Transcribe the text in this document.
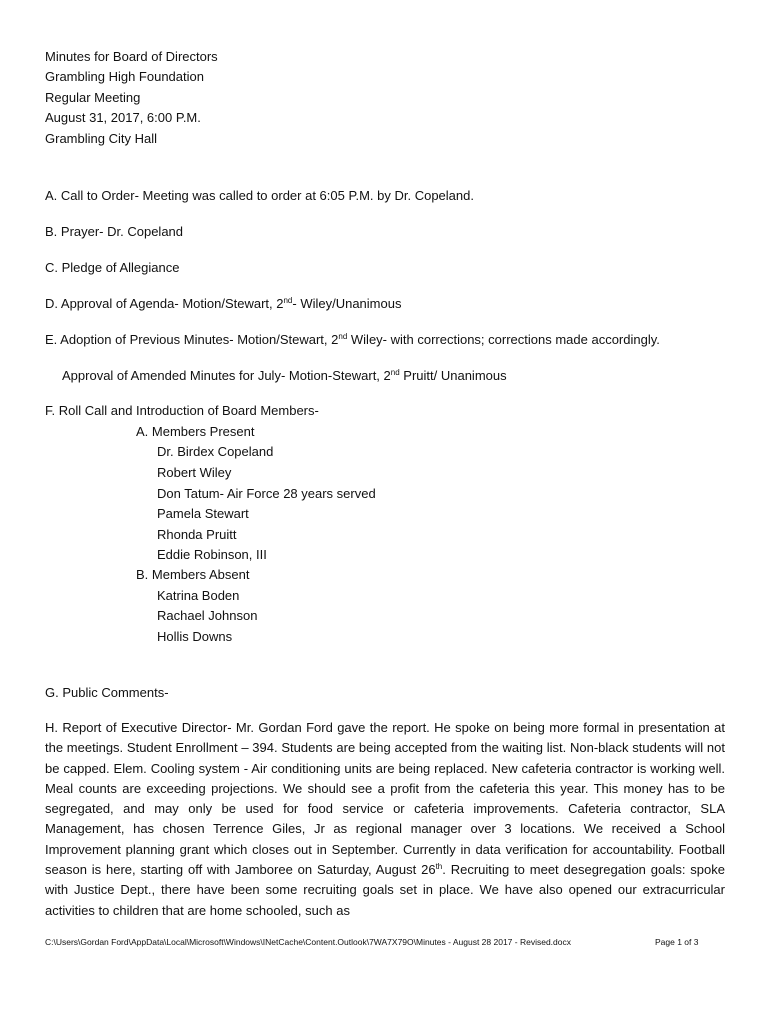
Minutes for Board of Directors
Grambling High Foundation
Regular Meeting
August 31, 2017, 6:00 P.M.
Grambling City Hall
A. Call to Order- Meeting was called to order at 6:05 P.M. by Dr. Copeland.
B. Prayer- Dr. Copeland
C. Pledge of Allegiance
D. Approval of Agenda- Motion/Stewart, 2nd- Wiley/Unanimous
E. Adoption of Previous Minutes- Motion/Stewart, 2nd Wiley- with corrections; corrections made accordingly.
Approval of Amended Minutes for July- Motion-Stewart, 2nd Pruitt/ Unanimous
F. Roll Call and Introduction of Board Members-
A. Members Present
Dr. Birdex Copeland
Robert Wiley
Don Tatum- Air Force 28 years served
Pamela Stewart
Rhonda Pruitt
Eddie Robinson, III
B. Members Absent
Katrina Boden
Rachael Johnson
Hollis Downs
G. Public Comments-
H. Report of Executive Director- Mr. Gordan Ford gave the report. He spoke on being more formal in presentation at the meetings. Student Enrollment – 394. Students are being accepted from the waiting list. Non-black students will not be capped. Elem. Cooling system - Air conditioning units are being replaced. New cafeteria contractor is working well. Meal counts are exceeding projections. We should see a profit from the cafeteria this year. This money has to be segregated, and may only be used for food service or cafeteria improvements. Cafeteria contractor, SLA Management, has chosen Terrence Giles, Jr as regional manager over 3 locations. We received a School Improvement planning grant which closes out in September. Currently in data verification for accountability. Football season is here, starting off with Jamboree on Saturday, August 26th. Recruiting to meet desegregation goals: spoke with Justice Dept., there have been some recruiting goals set in place. We have also opened our extracurricular activities to children that are home schooled, such as
C:\Users\Gordan Ford\AppData\Local\Microsoft\Windows\INetCache\Content.Outlook\7WA7X79O\Minutes - August 28 2017 - Revised.docx	Page 1 of 3
